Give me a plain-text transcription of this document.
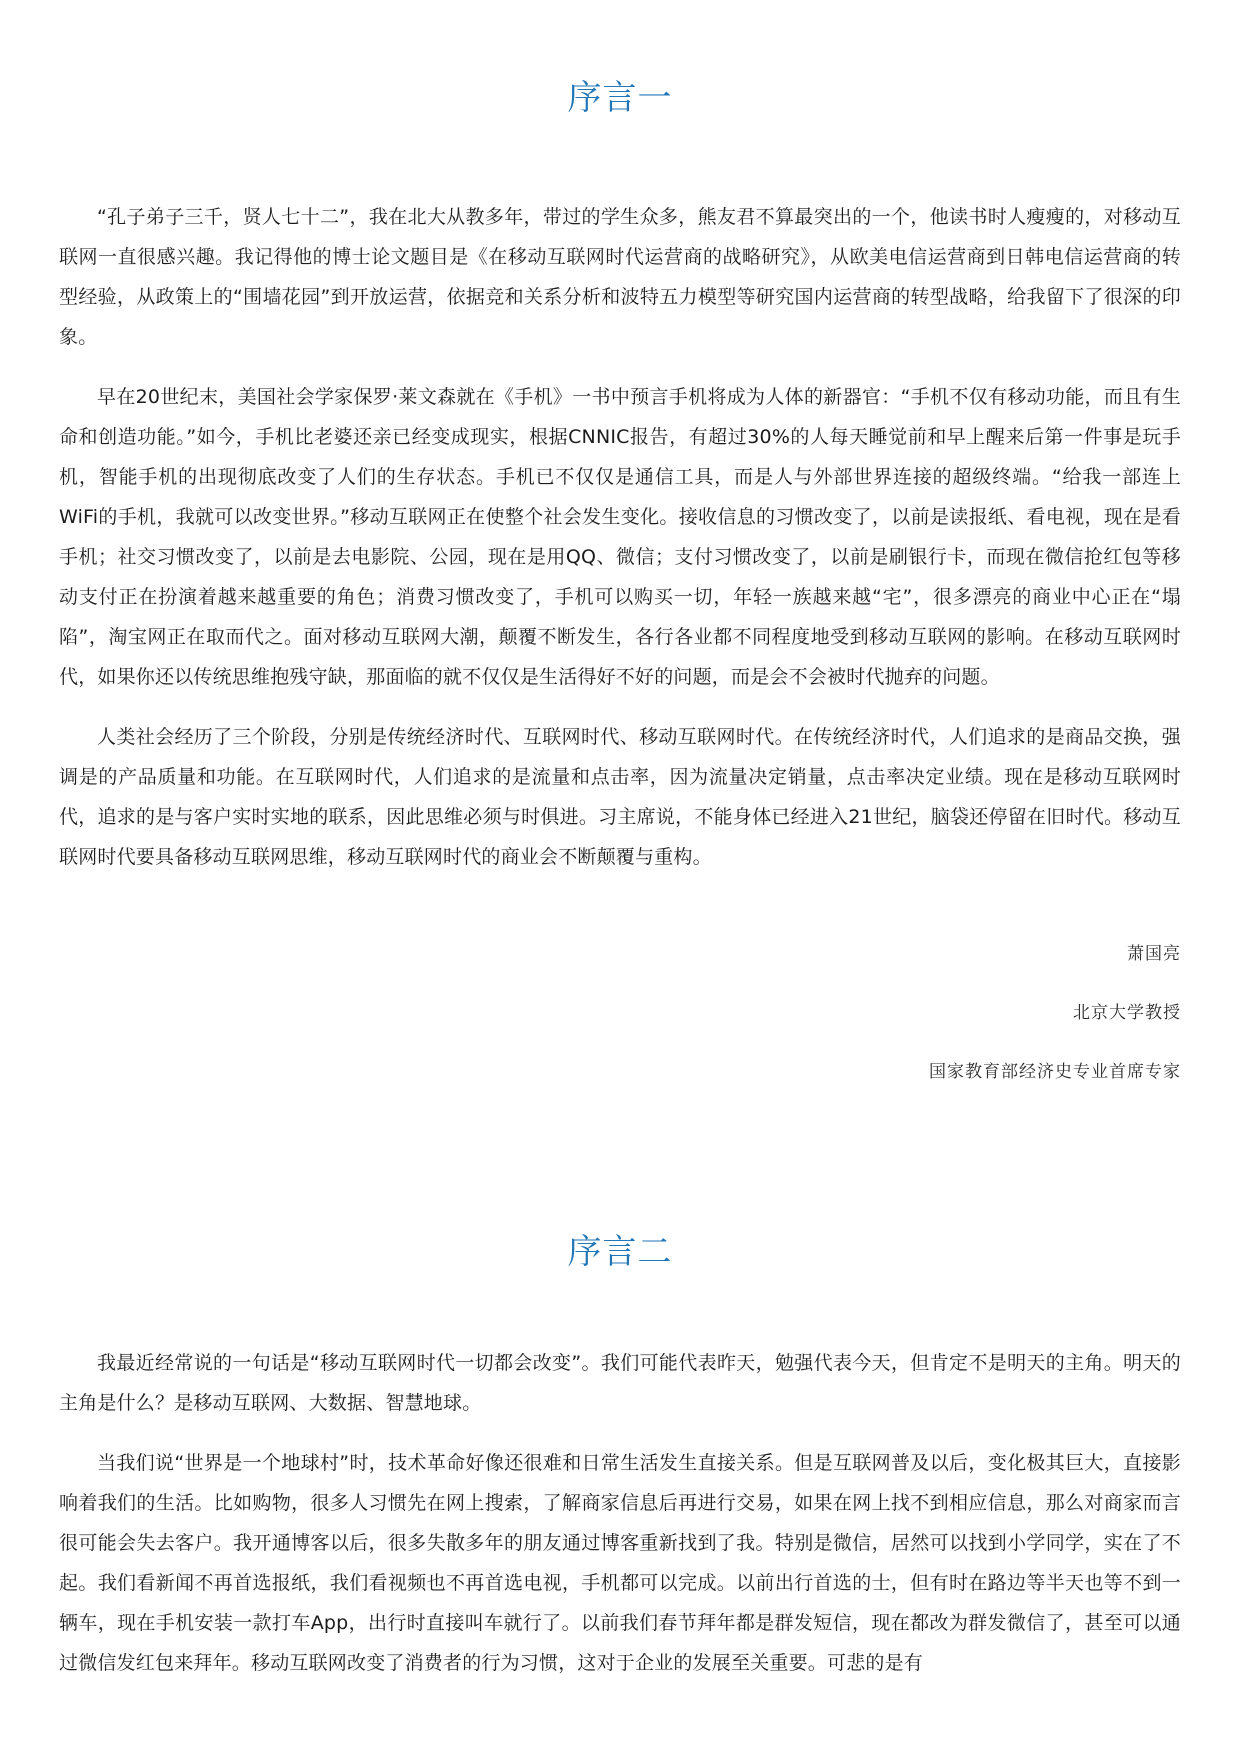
序言一

“孔子弟子三千，贤人七十二”，我在北大从教多年，带过的学生众多，熊友君不算最突出的一个，他读书时人瘦瘦的，对移动互联网一直很感兴趣。我记得他的博士论文题目是《在移动互联网时代运营商的战略研究》，从欧美电信运营商到日韩电信运营商的转型经验，从政策上的“围墙花园”到开放运营，依据竞和关系分析和波特五力模型等研究国内运营商的转型战略，给我留下了很深的印象。

早在20世纪末，美国社会学家保罗·莱文森就在《手机》一书中预言手机将成为人体的新器官：“手机不仅有移动功能，而且有生命和创造功能。”如今，手机比老婆还亲已经变成现实，根据CNNIC报告，有超过30%的人每天睡觉前和早上醒来后第一件事是玩手机，智能手机的出现彻底改变了人们的生存状态。手机已不仅仅是通信工具，而是人与外部世界连接的超级终端。“给我一部连上WiFi的手机，我就可以改变世界。”移动互联网正在使整个社会发生变化。接收信息的习惯改变了，以前是读报纸、看电视，现在是看手机；社交习惯改变了，以前是去电影院、公园，现在是用QQ、微信；支付习惯改变了，以前是刷银行卡，而现在微信抢红包等移动支付正在扮演着越来越重要的角色；消费习惯改变了，手机可以购买一切，年轻一族越来越“宅”，很多漂亮的商业中心正在“塌陷”，淘宝网正在取而代之。面对移动互联网大潮，颠覆不断发生，各行各业都不同程度地受到移动互联网的影响。在移动互联网时代，如果你还以传统思维抱残守缺，那面临的就不仅仅是生活得好不好的问题，而是会不会被时代抛弃的问题。

人类社会经历了三个阶段，分别是传统经济时代、互联网时代、移动互联网时代。在传统经济时代，人们追求的是商品交换，强调是的产品质量和功能。在互联网时代，人们追求的是流量和点击率，因为流量决定销量，点击率决定业绩。现在是移动互联网时代，追求的是与客户实时实地的联系，因此思维必须与时俱进。习主席说，不能身体已经进入21世纪，脑袋还停留在旧时代。移动互联网时代要具备移动互联网思维，移动互联网时代的商业会不断颠覆与重构。

萧国亮

北京大学教授

国家教育部经济史专业首席专家

序言二

我最近经常说的一句话是“移动互联网时代一切都会改变”。我们可能代表昨天，勉强代表今天，但肯定不是明天的主角。明天的主角是什么？是移动互联网、大数据、智慧地球。

当我们说“世界是一个地球村”时，技术革命好像还很难和日常生活发生直接关系。但是互联网普及以后，变化极其巨大，直接影响着我们的生活。比如购物，很多人习惯先在网上搜索，了解商家信息后再进行交易，如果在网上找不到相应信息，那么对商家而言很可能会失去客户。我开通博客以后，很多失散多年的朋友通过博客重新找到了我。特别是微信，居然可以找到小学同学，实在了不起。我们看新闻不再首选报纸，我们看视频也不再首选电视，手机都可以完成。以前出行首选的士，但有时在路边等半天也等不到一辆车，现在手机安装一款打车App，出行时直接叫车就行了。以前我们春节拜年都是群发短信，现在都改为群发微信了，甚至可以通过微信发红包来拜年。移动互联网改变了消费者的行为习惯，这对于企业的发展至关重要。可悲的是有
